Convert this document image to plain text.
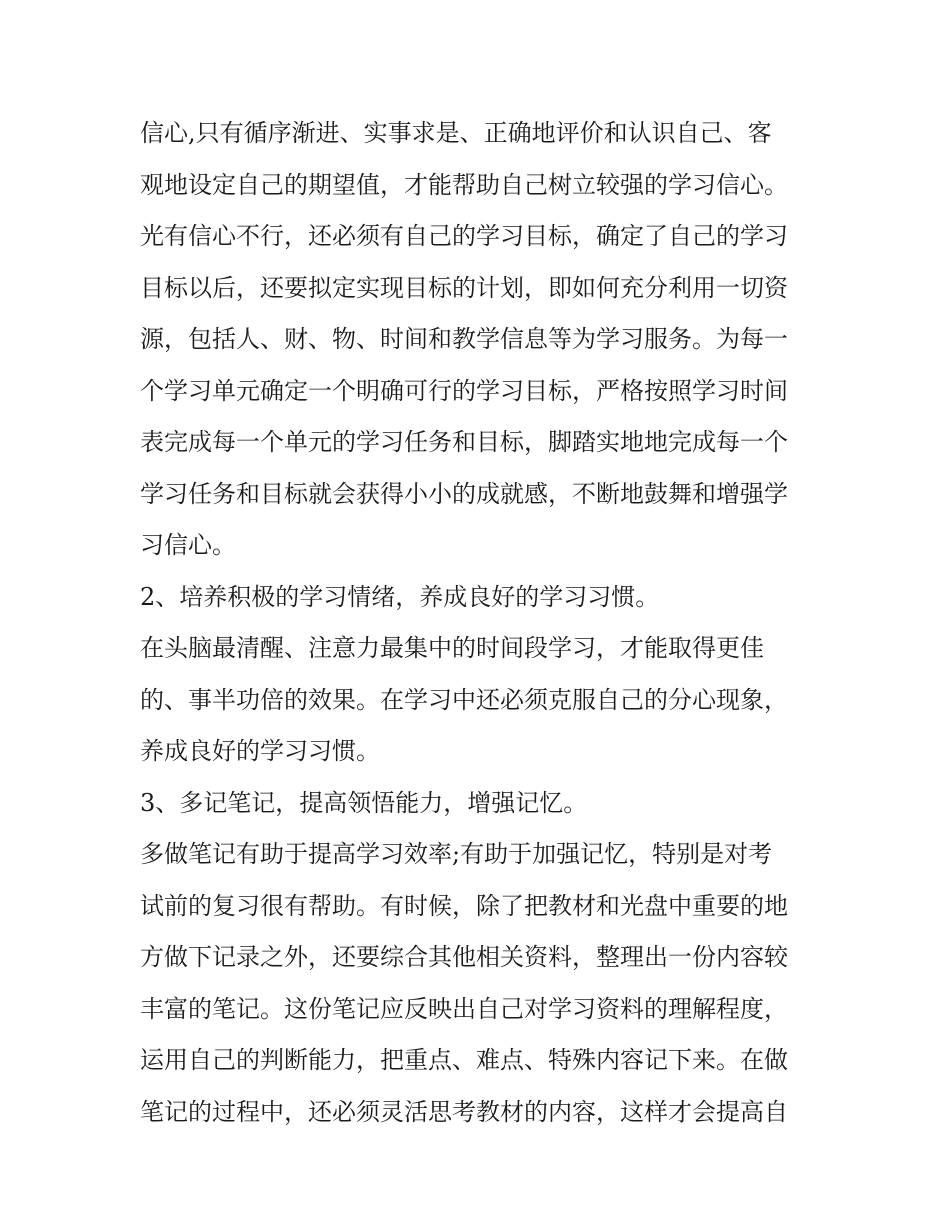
信心,只有循序渐进、实事求是、正确地评价和认识自己、客
观地设定自己的期望值，才能帮助自己树立较强的学习信心。
光有信心不行，还必须有自己的学习目标，确定了自己的学习
目标以后，还要拟定实现目标的计划，即如何充分利用一切资
源，包括人、财、物、时间和教学信息等为学习服务。为每一
个学习单元确定一个明确可行的学习目标，严格按照学习时间
表完成每一个单元的学习任务和目标，脚踏实地地完成每一个
学习任务和目标就会获得小小的成就感，不断地鼓舞和增强学
习信心。
2、培养积极的学习情绪，养成良好的学习习惯。
在头脑最清醒、注意力最集中的时间段学习，才能取得更佳
的、事半功倍的效果。在学习中还必须克服自己的分心现象，
养成良好的学习习惯。
3、多记笔记，提高领悟能力，增强记忆。
多做笔记有助于提高学习效率;有助于加强记忆，特别是对考
试前的复习很有帮助。有时候，除了把教材和光盘中重要的地
方做下记录之外，还要综合其他相关资料，整理出一份内容较
丰富的笔记。这份笔记应反映出自己对学习资料的理解程度，
运用自己的判断能力，把重点、难点、特殊内容记下来。在做
笔记的过程中，还必须灵活思考教材的内容，这样才会提高自
